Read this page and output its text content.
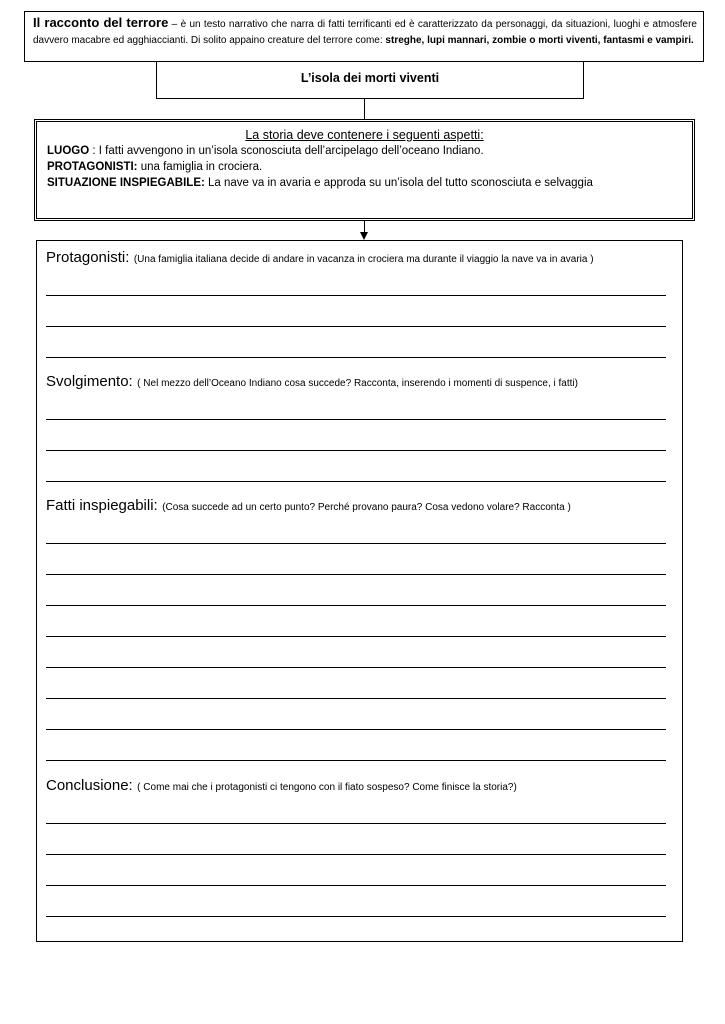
Il racconto del terrore – è un testo narrativo che narra di fatti terrificanti ed è caratterizzato da personaggi, da situazioni, luoghi e atmosfere davvero macabre ed agghiaccianti. Di solito appaino creature del terrore come: streghe, lupi mannari, zombie o morti viventi, fantasmi e vampiri.
L’isola dei morti viventi
La storia deve contenere i seguenti aspetti:
LUOGO : I fatti avvengono in un’isola sconosciuta dell’arcipelago dell’oceano Indiano.
PROTAGONISTI: una famiglia in crociera.
SITUAZIONE INSPIEGABILE: La nave va in avaria e approda su un’isola del tutto sconosciuta e selvaggia
Protagonisti: (Una famiglia italiana decide di andare in vacanza in crociera ma durante il viaggio la nave va in avaria )
Svolgimento: ( Nel mezzo dell’Oceano Indiano cosa succede? Racconta, inserendo i momenti di suspence, i fatti)
Fatti inspiegabili: (Cosa succede ad un certo punto? Perché provano paura? Cosa vedono volare? Racconta )
Conclusione: ( Come mai che i protagonisti ci tengono con il fiato sospeso? Come finisce la storia?)
